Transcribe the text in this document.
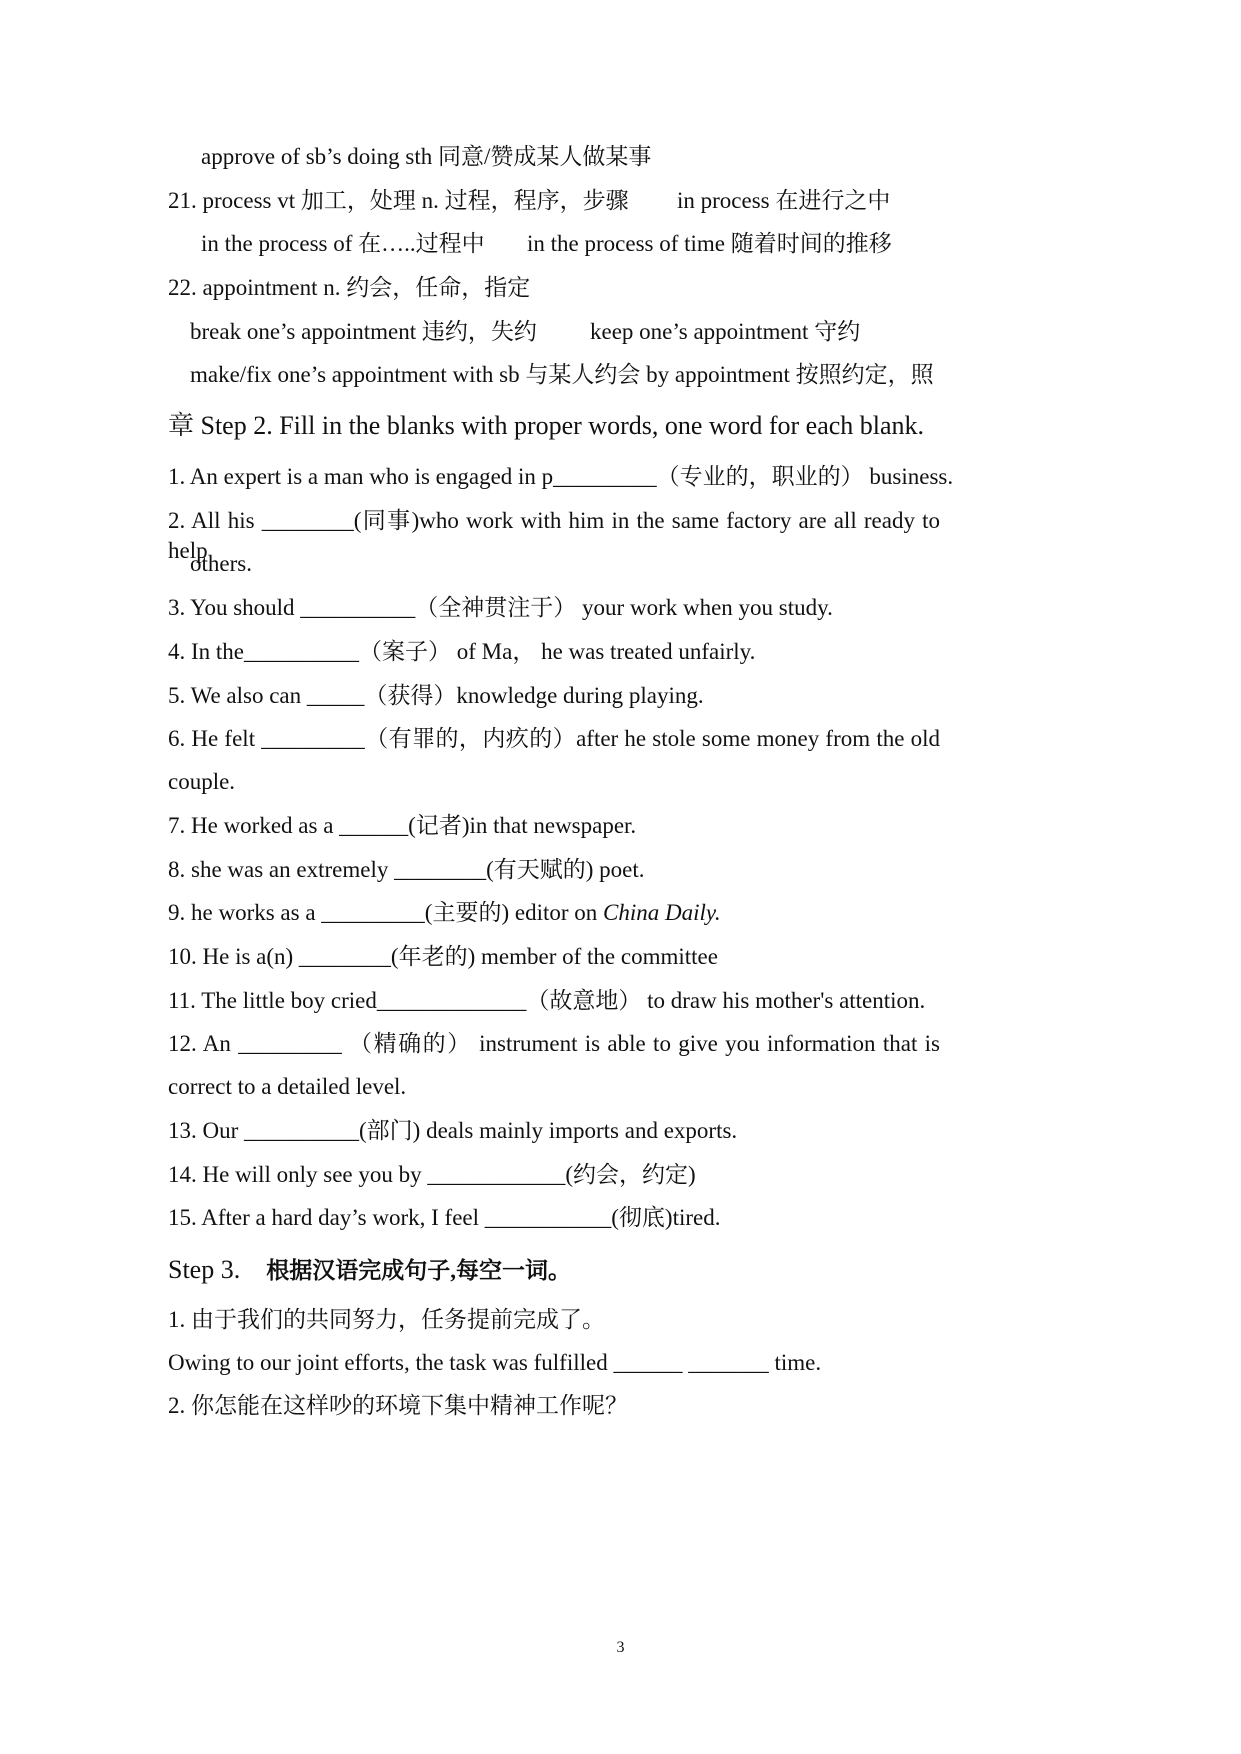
approve of sb’s doing sth 同意/赞成某人做某事
21. process vt 加工，处理 n. 过程，程序，步骤 in process 在进行之中
in the process of 在…..过程中 in the process of time 随着时间的推移
22. appointment n. 约会，任命，指定
break one’s appointment 违约，失约 keep one’s appointment 守约
make/fix one’s appointment with sb 与某人约会 by appointment 按照约定，照
章 Step 2. Fill in the blanks with proper words, one word for each blank.
1. An expert is a man who is engaged in p_________（专业的，职业的） business.
2. All his ________(同事)who work with him in the same factory are all ready to help
others.
3. You should __________（全神贯注于） your work when you study.
4. In the__________（案子） of Ma， he was treated unfairly.
5. We also can _____（获得）knowledge during playing.
6. He felt _________（有罪的，内疚的）after he stole some money from the old
couple.
7. He worked as a ______(记者)in that newspaper.
8. she was an extremely ________(有天赋的) poet.
9. he works as a _________(主要的) editor on China Daily.
10. He is a(n) ________(年老的) member of the committee
11. The little boy cried_____________（故意地） to draw his mother's attention.
12. An _________ （精确的） instrument is able to give you information that is
correct to a detailed level.
13. Our __________(部门) deals mainly imports and exports.
14. He will only see you by ____________(约会，约定)
15. After a hard day’s work, I feel ___________(彻底)tired.
Step 3. 根据汉语完成句子,每空一词。
1. 由于我们的共同努力，任务提前完成了。
Owing to our joint efforts, the task was fulfilled ______ _______ time.
2. 你怎能在这样吵的环境下集中精神工作呢？
3
